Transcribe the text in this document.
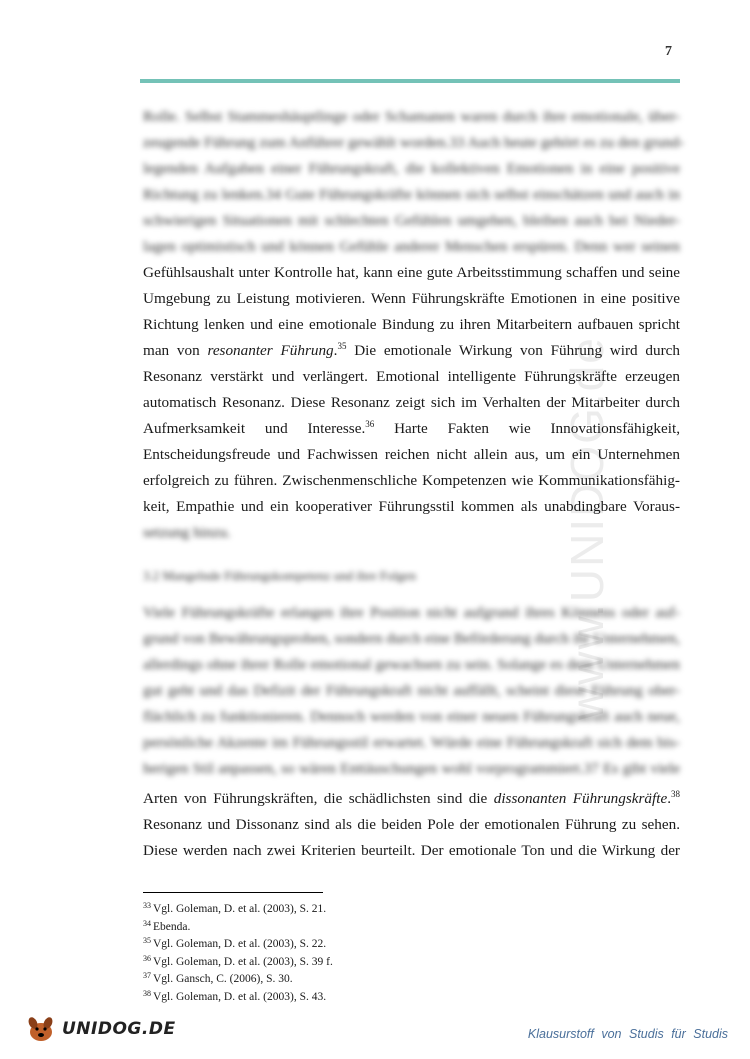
7
www.UNIDOG.de
Rolle. Selbst Stammeshäuptlinge oder Schamanen waren durch ihre emotionale, über-
zeugende Führung zum Anführer gewählt worden.33 Auch heute gehört es zu den grund-
legenden Aufgaben einer Führungskraft, die kollektiven Emotionen in eine positive
Richtung zu lenken.34 Gute Führungskräfte können sich selbst einschätzen und auch in
schwierigen Situationen mit schlechten Gefühlen umgehen, bleiben auch bei Nieder-
lagen optimistisch und können Gefühle anderer Menschen erspüren. Denn wer seinen
Gefühlsaushalt unter Kontrolle hat, kann eine gute Arbeitsstimmung schaffen und seine
Umgebung zu Leistung motivieren. Wenn Führungskräfte Emotionen in eine positive
Richtung lenken und eine emotionale Bindung zu ihren Mitarbeitern aufbauen spricht
man von resonanter Führung.$^{35}$ Die emotionale Wirkung von Führung wird durch
Resonanz verstärkt und verlängert. Emotional intelligente Führungskräfte erzeugen
automatisch Resonanz. Diese Resonanz zeigt sich im Verhalten der Mitarbeiter durch
Aufmerksamkeit und Interesse.$^{36}$ Harte Fakten wie Innovationsfähigkeit,
Entscheidungsfreude und Fachwissen reichen nicht allein aus, um ein Unternehmen
erfolgreich zu führen. Zwischenmenschliche Kompetenzen wie Kommunikationsfähig-
keit, Empathie und ein kooperativer Führungsstil kommen als unabdingbare Voraus-
setzung hinzu.
3.2 Mangelnde Führungskompetenz und ihre Folgen
Viele Führungskräfte erlangen ihre Position nicht aufgrund ihres Könnens oder auf-
grund von Bewährungsproben, sondern durch eine Beförderung durch ihr Unternehmen,
allerdings ohne ihrer Rolle emotional gewachsen zu sein. Solange es dem Unternehmen
gut geht und das Defizit der Führungskraft nicht auffällt, scheint diese Führung ober-
flächlich zu funktionieren. Dennoch werden von einer neuen Führungskraft auch neue,
persönliche Akzente im Führungsstil erwartet. Würde eine Führungskraft sich dem bis-
herigen Stil anpassen, so wären Enttäuschungen wohl vorprogrammiert.37 Es gibt viele
Arten von Führungskräften, die schädlichsten sind die dissonanten Führungskräfte.$^{38}$
Resonanz und Dissonanz sind als die beiden Pole der emotionalen Führung zu sehen.
Diese werden nach zwei Kriterien beurteilt. Der emotionale Ton und die Wirkung der
$^{33}$ Vgl. Goleman, D. et al. (2003), S. 21.
$^{34}$ Ebenda.
$^{35}$ Vgl. Goleman, D. et al. (2003), S. 22.
$^{36}$ Vgl. Goleman, D. et al. (2003), S. 39 f.
$^{37}$ Vgl. Gansch, C. (2006), S. 30.
$^{38}$ Vgl. Goleman, D. et al. (2003), S. 43.
UNIDOG.DE	Klausurstoff von Studis für Studis
